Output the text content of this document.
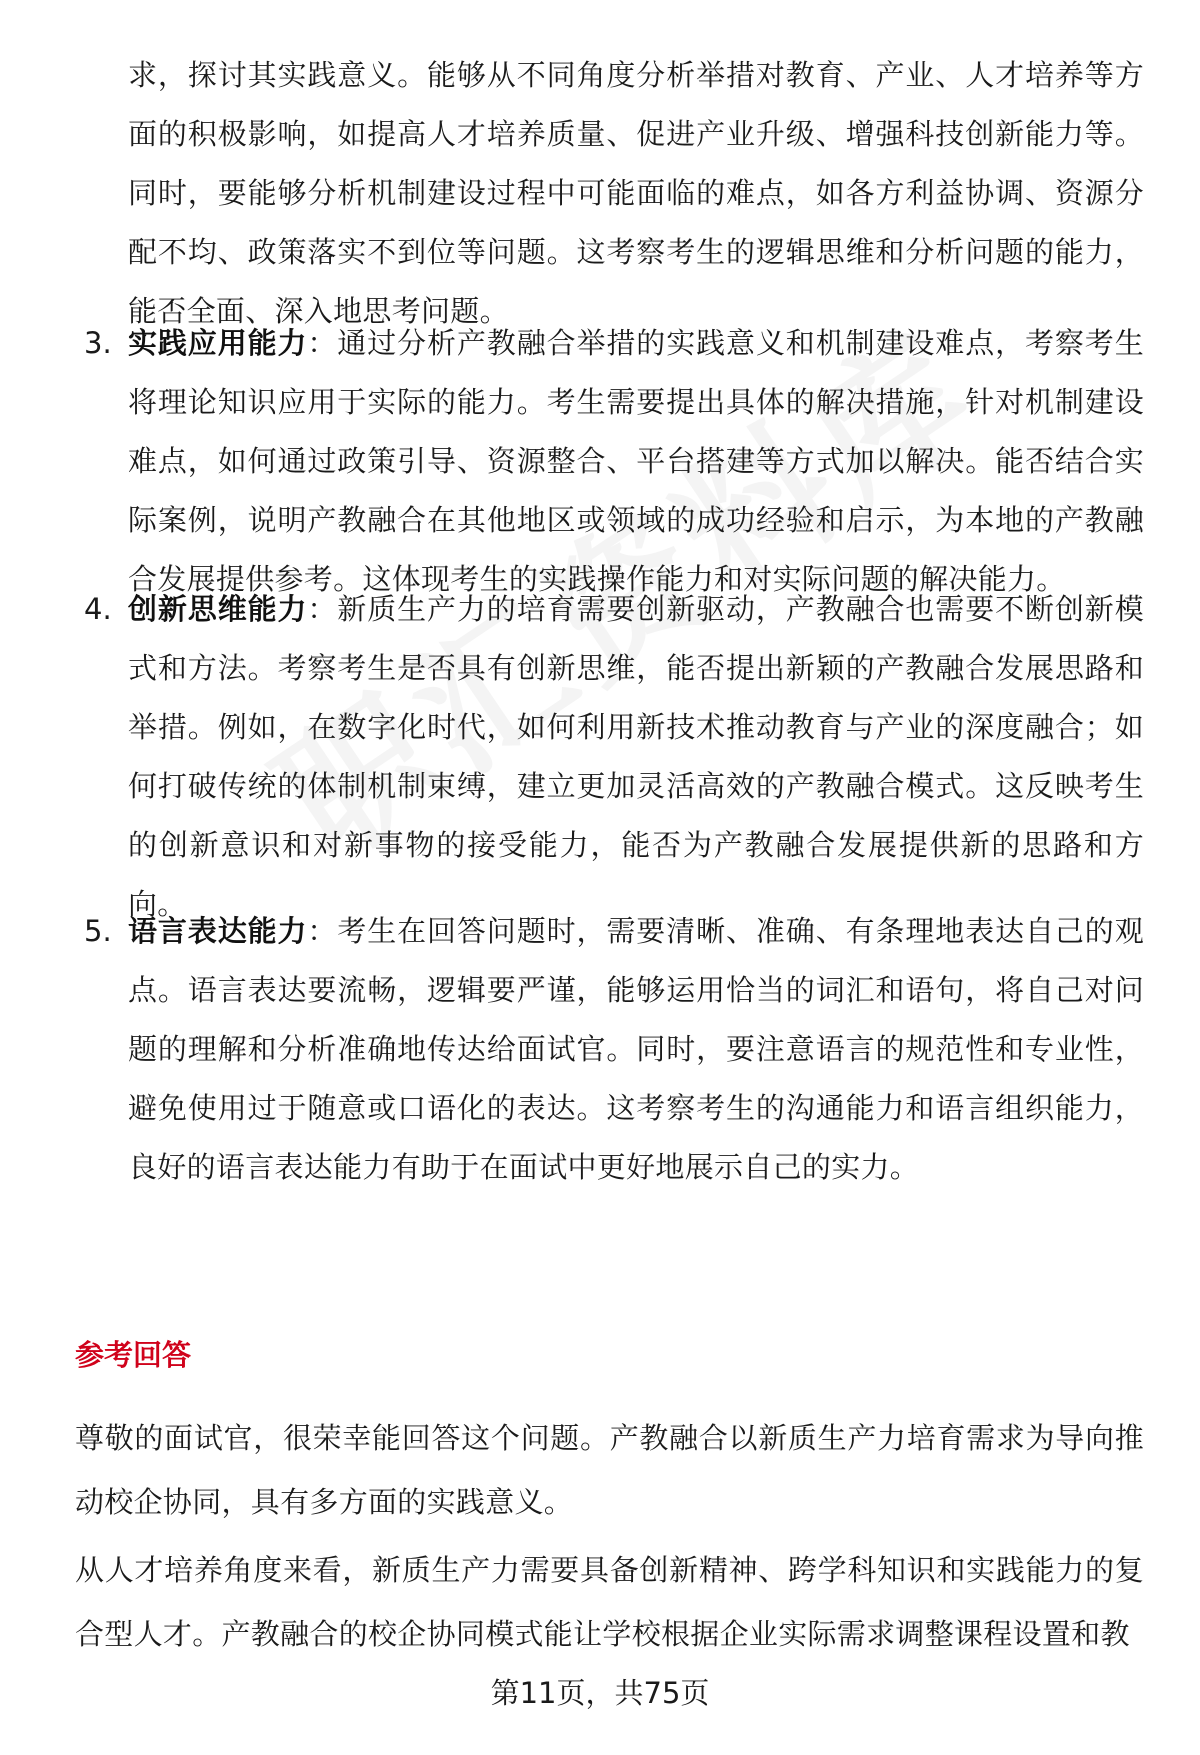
求，探讨其实践意义。能够从不同角度分析举措对教育、产业、人才培养等方面的积极影响，如提高人才培养质量、促进产业升级、增强科技创新能力等。同时，要能够分析机制建设过程中可能面临的难点，如各方利益协调、资源分配不均、政策落实不到位等问题。这考察考生的逻辑思维和分析问题的能力，能否全面、深入地思考问题。

3. 实践应用能力：通过分析产教融合举措的实践意义和机制建设难点，考察考生将理论知识应用于实际的能力。考生需要提出具体的解决措施，针对机制建设难点，如何通过政策引导、资源整合、平台搭建等方式加以解决。能否结合实际案例，说明产教融合在其他地区或领域的成功经验和启示，为本地的产教融合发展提供参考。这体现考生的实践操作能力和对实际问题的解决能力。

4. 创新思维能力：新质生产力的培育需要创新驱动，产教融合也需要不断创新模式和方法。考察考生是否具有创新思维，能否提出新颖的产教融合发展思路和举措。例如，在数字化时代，如何利用新技术推动教育与产业的深度融合；如何打破传统的体制机制束缚，建立更加灵活高效的产教融合模式。这反映考生的创新意识和对新事物的接受能力，能否为产教融合发展提供新的思路和方向。

5. 语言表达能力：考生在回答问题时，需要清晰、准确、有条理地表达自己的观点。语言表达要流畅，逻辑要严谨，能够运用恰当的词汇和语句，将自己对问题的理解和分析准确地传达给面试官。同时，要注意语言的规范性和专业性，避免使用过于随意或口语化的表达。这考察考生的沟通能力和语言组织能力，良好的语言表达能力有助于在面试中更好地展示自己的实力。

参考回答

尊敬的面试官，很荣幸能回答这个问题。产教融合以新质生产力培育需求为导向推动校企协同，具有多方面的实践意义。

从人才培养角度来看，新质生产力需要具备创新精神、跨学科知识和实践能力的复合型人才。产教融合的校企协同模式能让学校根据企业实际需求调整课程设置和教

第11页，共75页
